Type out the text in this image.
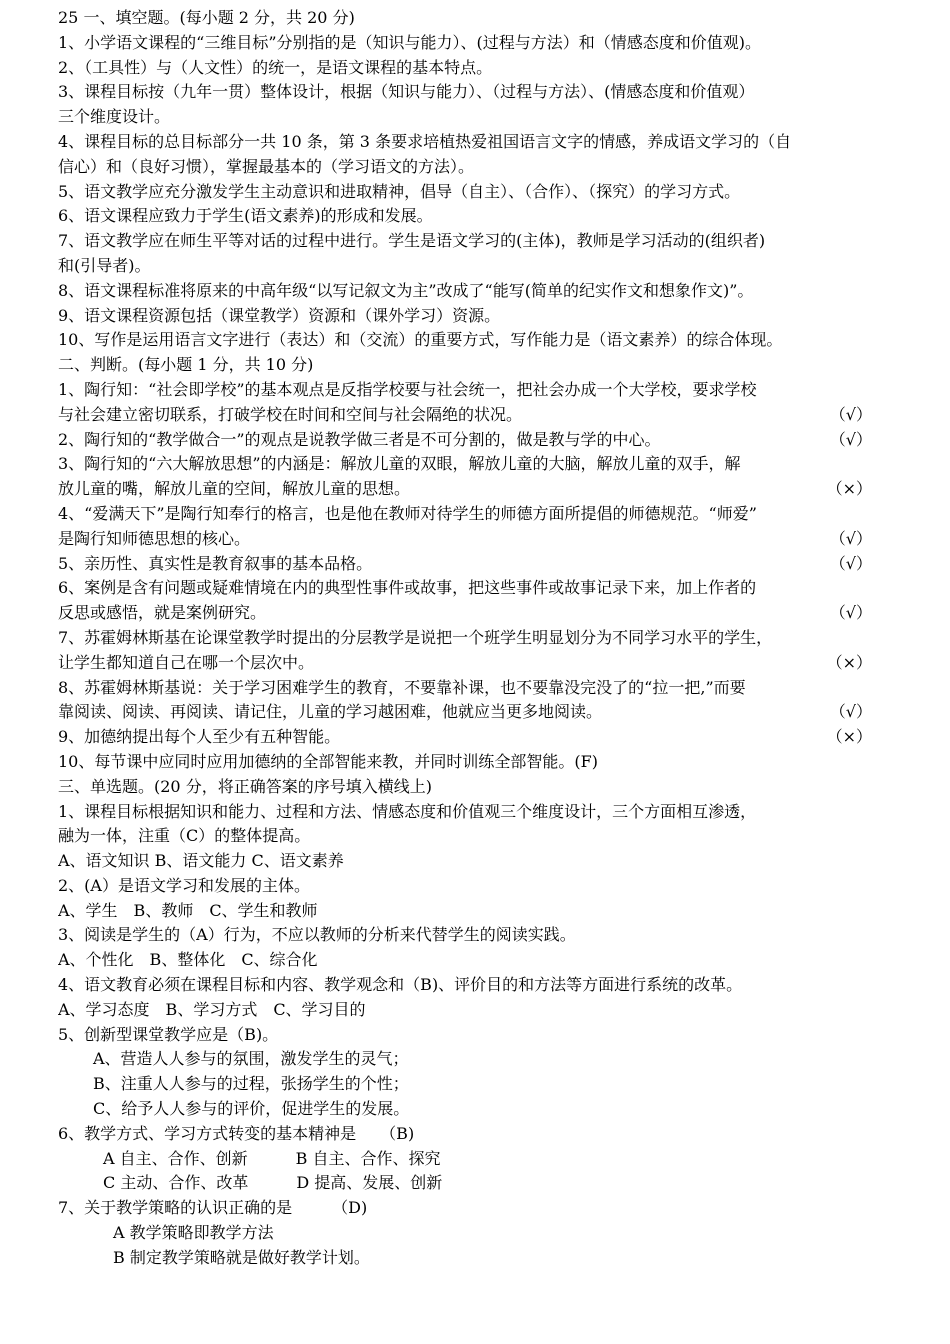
25 一、填空题。(每小题 2 分，共 20 分)
1、小学语文课程的“三维目标”分别指的是（知识与能力）、(过程与方法）和（情感态度和价值观)。
2、（工具性）与（人文性）的统一，是语文课程的基本特点。
3、课程目标按（九年一贯）整体设计，根据（知识与能力）、（过程与方法）、(情感态度和价值观）
三个维度设计。
4、课程目标的总目标部分一共 10 条，第 3 条要求培植热爱祖国语言文字的情感，养成语文学习的（自
信心）和（良好习惯），掌握最基本的（学习语文的方法）。
5、语文教学应充分激发学生主动意识和进取精神，倡导（自主）、（合作）、（探究）的学习方式。
6、语文课程应致力于学生(语文素养)的形成和发展。
7、语文教学应在师生平等对话的过程中进行。学生是语文学习的(主体)，教师是学习活动的(组织者)
和(引导者)。
8、语文课程标准将原来的中高年级“以写记叙文为主”改成了“能写(简单的纪实作文和想象作文)”。
9、语文课程资源包括（课堂教学）资源和（课外学习）资源。
10、写作是运用语言文字进行（表达）和（交流）的重要方式，写作能力是（语文素养）的综合体现。
二、判断。(每小题 1 分，共 10 分)
1、陶行知：“社会即学校”的基本观点是反指学校要与社会统一，把社会办成一个大学校，要求学校
与社会建立密切联系，打破学校在时间和空间与社会隔绝的状况。	（√）
2、陶行知的“教学做合一”的观点是说教学做三者是不可分割的，做是教与学的中心。	（√）
3、陶行知的“六大解放思想”的内涵是：解放儿童的双眼，解放儿童的大脑，解放儿童的双手，解
放儿童的嘴，解放儿童的空间，解放儿童的思想。	（×）
4、“爱满天下”是陶行知奉行的格言，也是他在教师对待学生的师德方面所提倡的师德规范。“师爱”
是陶行知师德思想的核心。	（√）
5、亲历性、真实性是教育叙事的基本品格。	（√）
6、案例是含有问题或疑难情境在内的典型性事件或故事，把这些事件或故事记录下来，加上作者的
反思或感悟，就是案例研究。	（√）
7、苏霍姆林斯基在论课堂教学时提出的分层教学是说把一个班学生明显划分为不同学习水平的学生，
让学生都知道自己在哪一个层次中。	（×）
8、苏霍姆林斯基说：关于学习困难学生的教育，不要靠补课，也不要靠没完没了的“拉一把,”而要
靠阅读、阅读、再阅读、请记住，儿童的学习越困难，他就应当更多地阅读。	（√）
9、加德纳提出每个人至少有五种智能。	（×）
10、每节课中应同时应用加德纳的全部智能来教，并同时训练全部智能。(F)
三、单选题。(20 分，将正确答案的序号填入横线上)
1、课程目标根据知识和能力、过程和方法、情感态度和价值观三个维度设计，三个方面相互渗透，
融为一体，注重（C）的整体提高。
A、语文知识 B、语文能力 C、语文素养
2、(A）是语文学习和发展的主体。
A、学生　B、教师　C、学生和教师
3、阅读是学生的（A）行为，不应以教师的分析来代替学生的阅读实践。
A、个性化　B、整体化　C、综合化
4、语文教育必须在课程目标和内容、教学观念和（B)、评价目的和方法等方面进行系统的改革。
A、学习态度　B、学习方式　C、学习目的
5、创新型课堂教学应是（B)。
A、营造人人参与的氛围，激发学生的灵气；
B、注重人人参与的过程，张扬学生的个性；
C、给予人人参与的评价，促进学生的发展。
6、教学方式、学习方式转变的基本精神是　　（B)
A 自主、合作、创新　　　B 自主、合作、探究
C 主动、合作、改革　　　D 提高、发展、创新
7、关于教学策略的认识正确的是　　　（D)
A 教学策略即教学方法
B 制定教学策略就是做好教学计划。
